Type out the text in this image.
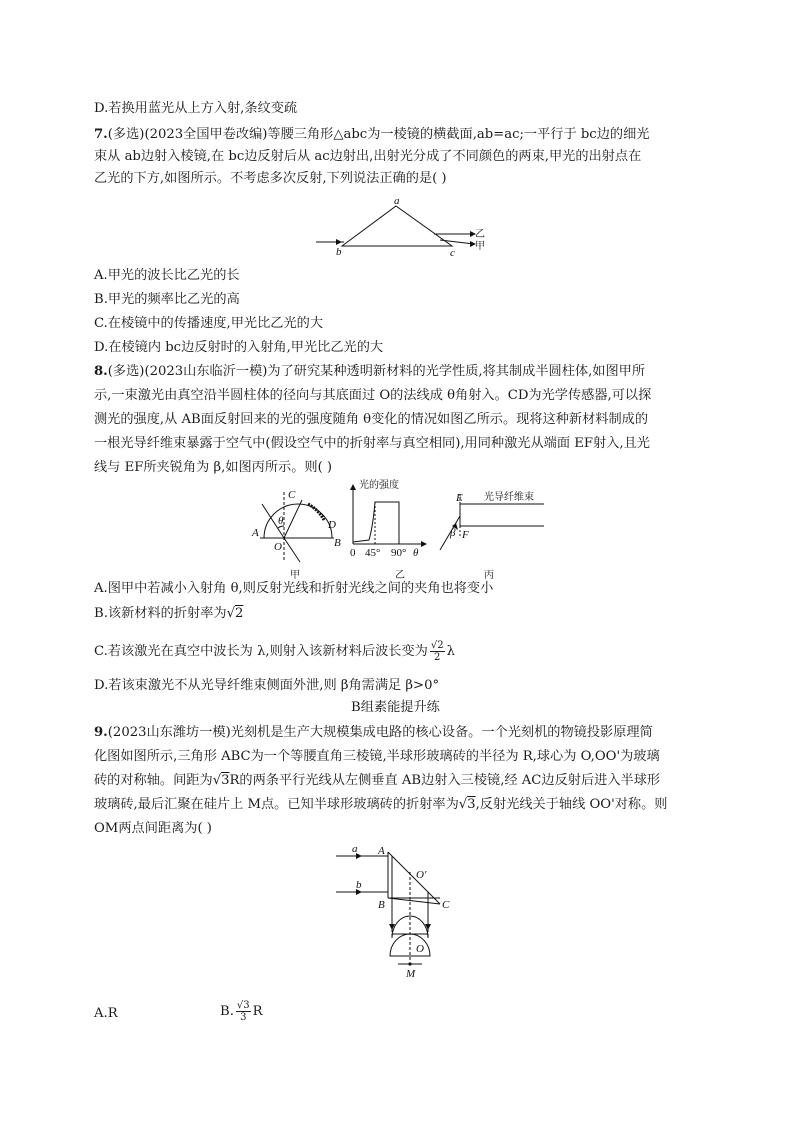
D.若换用蓝光从上方入射,条纹变疏
7.(多选)(2023全国甲卷改编)等腰三角形△abc为一棱镜的横截面,ab=ac;一平行于 bc边的细光
束从 ab边射入棱镜,在 bc边反射后从 ac边射出,出射光分成了不同颜色的两束,甲光的出射点在
乙光的下方,如图所示。不考虑多次反射,下列说法正确的是( )
a
b	c
乙
甲
A.甲光的波长比乙光的长
B.甲光的频率比乙光的高
C.在棱镜中的传播速度,甲光比乙光的大
D.在棱镜内 bc边反射时的入射角,甲光比乙光的大
8.(多选)(2023山东临沂一模)为了研究某种透明新材料的光学性质,将其制成半圆柱体,如图甲所
示,一束激光由真空沿半圆柱体的径向与其底面过 O的法线成 θ角射入。CD为光学传感器,可以探
测光的强度,从 AB面反射回来的光的强度随角 θ变化的情况如图乙所示。现将这种新材料制成的
一根光导纤维束暴露于空气中(假设空气中的折射率与真空相同),用同种激光从端面 EF射入,且光
线与 EF所夹锐角为 β,如图丙所示。则( )
A
B
C
D
O
θ
甲
光的强度
0 45° 90° θ
乙
E
F
β
光导纤维束
丙
A.图甲中若减小入射角 θ,则反射光线和折射光线之间的夹角也将变小
B.该新材料的折射率为√2
C.若该激光在真空中波长为 λ,则射入该新材料后波长变为 $\frac{√2}{2}$ λ
D.若该束激光不从光导纤维束侧面外泄,则 β角需满足 β>0°
B组素能提升练
9.(2023山东潍坊一模)光刻机是生产大规模集成电路的核心设备。一个光刻机的物镜投影原理简
化图如图所示,三角形 ABC为一个等腰直角三棱镜,半球形玻璃砖的半径为 R,球心为 O,OO'为玻璃
砖的对称轴。间距为√3R的两条平行光线从左侧垂直 AB边射入三棱镜,经 AC边反射后进入半球形
玻璃砖,最后汇聚在硅片上 M点。已知半球形玻璃砖的折射率为√3,反射光线关于轴线 OO'对称。则
OM两点间距离为( )
a
b
A
B	C
O'
O
M
A.R	B. $\frac{√3}{3}$ R
